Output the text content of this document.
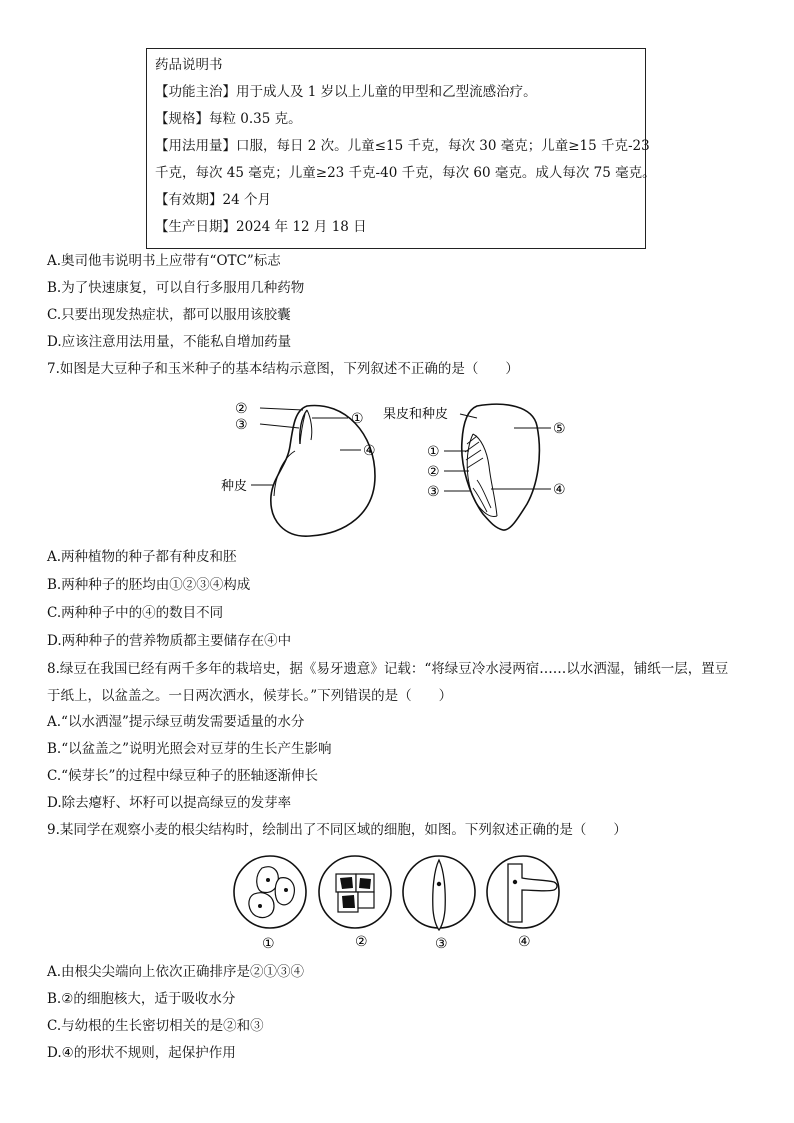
药品说明书
【功能主治】用于成人及 1 岁以上儿童的甲型和乙型流感治疗。
【规格】每粒 0.35 克。
【用法用量】口服，每日 2 次。儿童≤15 千克，每次 30 毫克；儿童≥15 千克-23
千克，每次 45 毫克；儿童≥23 千克-40 千克，每次 60 毫克。成人每次 75 毫克。
【有效期】24 个月
【生产日期】2024 年 12 月 18 日
A.奥司他韦说明书上应带有“OTC”标志
B.为了快速康复，可以自行多服用几种药物
C.只要出现发热症状，都可以服用该胶囊
D.应该注意用法用量，不能私自增加药量
7.如图是大豆种子和玉米种子的基本结构示意图，下列叙述不正确的是（　　）
②
③	①
④
种皮
果皮和种皮
⑤
①
②
③	④
A.两种植物的种子都有种皮和胚
B.两种种子的胚均由①②③④构成
C.两种种子中的④的数目不同
D.两种种子的营养物质都主要储存在④中
8.绿豆在我国已经有两千多年的栽培史，据《易牙遗意》记载：“将绿豆冷水浸两宿……以水洒湿，铺纸一层，置豆
于纸上，以盆盖之。一日两次洒水，候芽长。”下列错误的是（　　）
A.“以水洒湿”提示绿豆萌发需要适量的水分
B.“以盆盖之”说明光照会对豆芽的生长产生影响
C.“候芽长”的过程中绿豆种子的胚轴逐渐伸长
D.除去瘪籽、坏籽可以提高绿豆的发芽率
9.某同学在观察小麦的根尖结构时，绘制出了不同区域的细胞，如图。下列叙述正确的是（　　）
①	②	③	④
A.由根尖尖端向上依次正确排序是②①③④
B.②的细胞核大，适于吸收水分
C.与幼根的生长密切相关的是②和③
D.④的形状不规则，起保护作用
